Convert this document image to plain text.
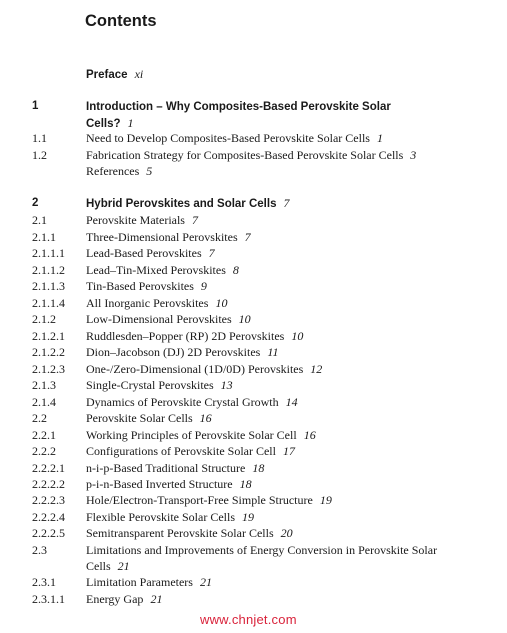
Contents
Preface xi
1	Introduction – Why Composites-Based Perovskite Solar
Cells? 1
1.1	Need to Develop Composites-Based Perovskite Solar Cells 1
1.2	Fabrication Strategy for Composites-Based Perovskite Solar Cells 3
References 5
2	Hybrid Perovskites and Solar Cells 7
2.1	Perovskite Materials 7
2.1.1	Three-Dimensional Perovskites 7
2.1.1.1 Lead-Based Perovskites 7
2.1.1.2 Lead–Tin-Mixed Perovskites 8
2.1.1.3 Tin-Based Perovskites 9
2.1.1.4 All Inorganic Perovskites 10
2.1.2	Low-Dimensional Perovskites 10
2.1.2.1 Ruddlesden–Popper (RP) 2D Perovskites 10
2.1.2.2 Dion–Jacobson (DJ) 2D Perovskites 11
2.1.2.3 One-/Zero-Dimensional (1D/0D) Perovskites 12
2.1.3	Single-Crystal Perovskites 13
2.1.4	Dynamics of Perovskite Crystal Growth 14
2.2	Perovskite Solar Cells 16
2.2.1	Working Principles of Perovskite Solar Cell 16
2.2.2	Configurations of Perovskite Solar Cell 17
2.2.2.1 n-i-p-Based Traditional Structure 18
2.2.2.2 p-i-n-Based Inverted Structure 18
2.2.2.3 Hole/Electron-Transport-Free Simple Structure 19
2.2.2.4 Flexible Perovskite Solar Cells 19
2.2.2.5 Semitransparent Perovskite Solar Cells 20
2.3	Limitations and Improvements of Energy Conversion in Perovskite Solar
Cells 21
2.3.1	Limitation Parameters 21
2.3.1.1 Energy Gap 21
www.chnjet.com
